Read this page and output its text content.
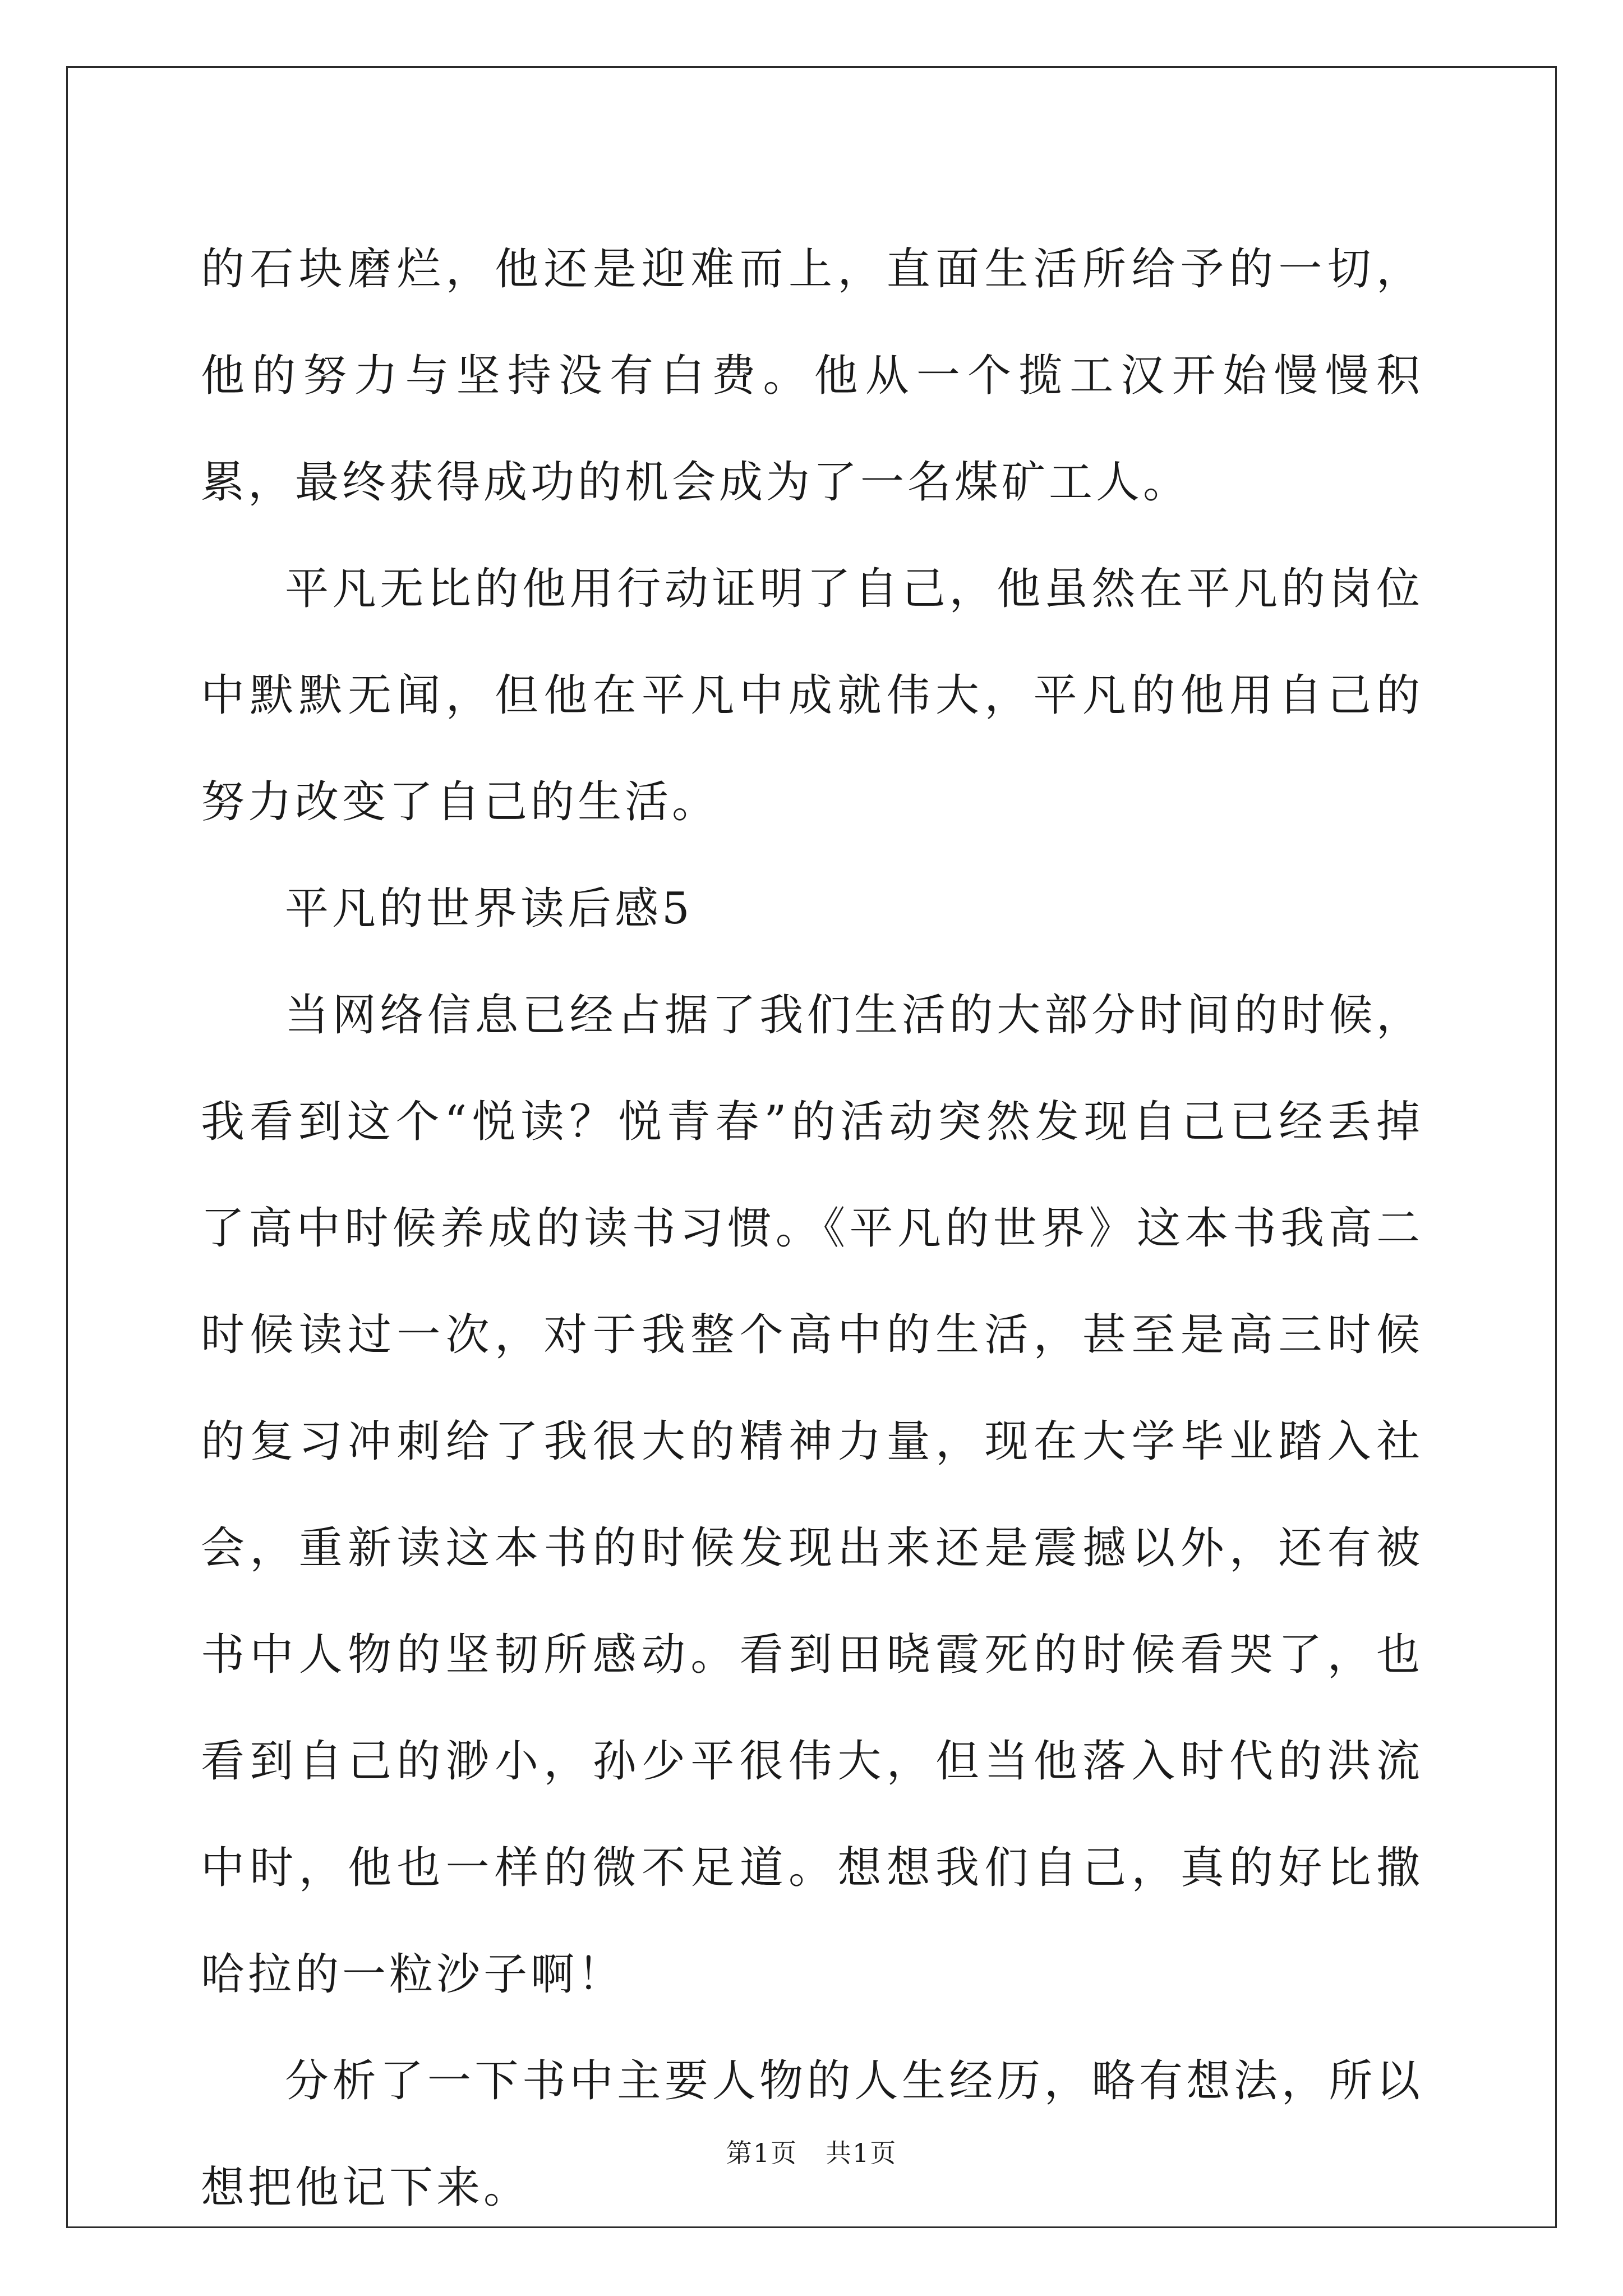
的石块磨烂，他还是迎难而上，直面生活所给予的一切，他的努力与坚持没有白费。他从一个揽工汉开始慢慢积累，最终获得成功的机会成为了一名煤矿工人。

平凡无比的他用行动证明了自己，他虽然在平凡的岗位中默默无闻，但他在平凡中成就伟大，平凡的他用自己的努力改变了自己的生活。

平凡的世界读后感5

当网络信息已经占据了我们生活的大部分时间的时候，我看到这个“悦读？悦青春”的活动突然发现自己已经丢掉了高中时候养成的读书习惯。《平凡的世界》这本书我高二时候读过一次，对于我整个高中的生活，甚至是高三时候的复习冲刺给了我很大的精神力量，现在大学毕业踏入社会，重新读这本书的时候发现出来还是震撼以外，还有被书中人物的坚韧所感动。看到田晓霞死的时候看哭了，也看到自己的渺小，孙少平很伟大，但当他落入时代的洪流中时，他也一样的微不足道。想想我们自己，真的好比撒哈拉的一粒沙子啊！

分析了一下书中主要人物的人生经历，略有想法，所以想把他记下来。

第1页 共1页
